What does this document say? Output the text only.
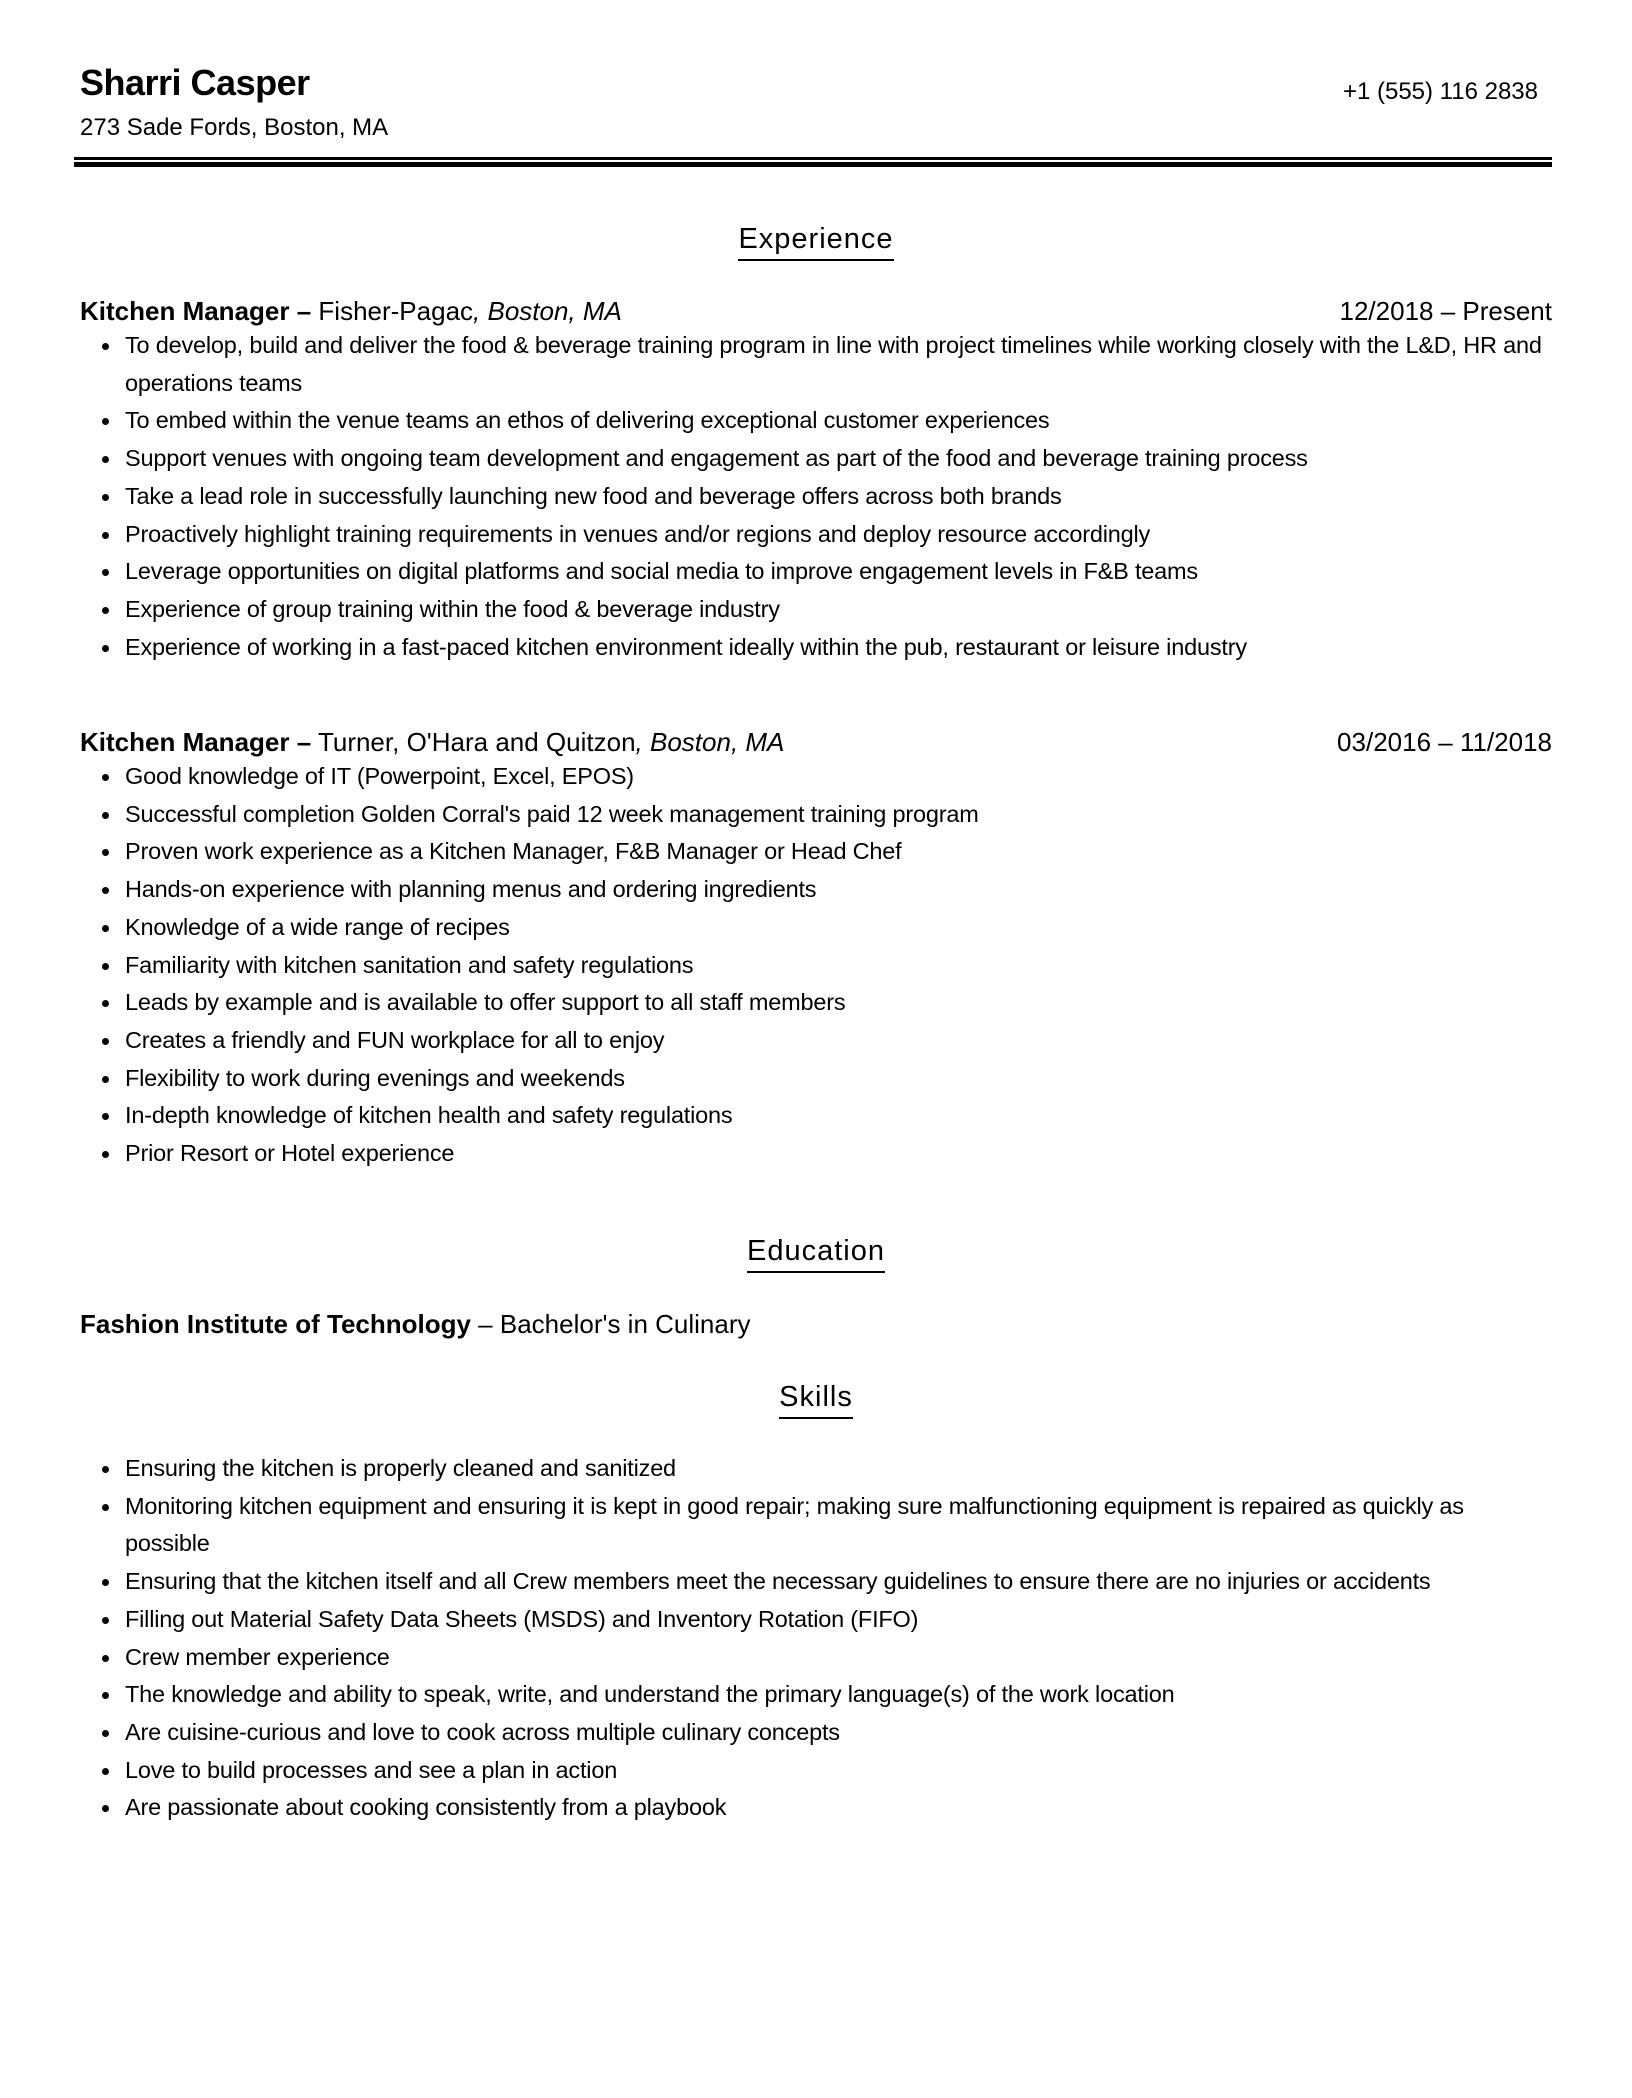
Sharri Casper	+1 (555) 116 2838
273 Sade Fords, Boston, MA
Experience
Kitchen Manager – Fisher-Pagac, Boston, MA	12/2018 – Present
To develop, build and deliver the food & beverage training program in line with project timelines while working closely with the L&D, HR and operations teams
To embed within the venue teams an ethos of delivering exceptional customer experiences
Support venues with ongoing team development and engagement as part of the food and beverage training process
Take a lead role in successfully launching new food and beverage offers across both brands
Proactively highlight training requirements in venues and/or regions and deploy resource accordingly
Leverage opportunities on digital platforms and social media to improve engagement levels in F&B teams
Experience of group training within the food & beverage industry
Experience of working in a fast-paced kitchen environment ideally within the pub, restaurant or leisure industry
Kitchen Manager – Turner, O'Hara and Quitzon, Boston, MA	03/2016 – 11/2018
Good knowledge of IT (Powerpoint, Excel, EPOS)
Successful completion Golden Corral's paid 12 week management training program
Proven work experience as a Kitchen Manager, F&B Manager or Head Chef
Hands-on experience with planning menus and ordering ingredients
Knowledge of a wide range of recipes
Familiarity with kitchen sanitation and safety regulations
Leads by example and is available to offer support to all staff members
Creates a friendly and FUN workplace for all to enjoy
Flexibility to work during evenings and weekends
In-depth knowledge of kitchen health and safety regulations
Prior Resort or Hotel experience
Education
Fashion Institute of Technology – Bachelor's in Culinary
Skills
Ensuring the kitchen is properly cleaned and sanitized
Monitoring kitchen equipment and ensuring it is kept in good repair; making sure malfunctioning equipment is repaired as quickly as possible
Ensuring that the kitchen itself and all Crew members meet the necessary guidelines to ensure there are no injuries or accidents
Filling out Material Safety Data Sheets (MSDS) and Inventory Rotation (FIFO)
Crew member experience
The knowledge and ability to speak, write, and understand the primary language(s) of the work location
Are cuisine-curious and love to cook across multiple culinary concepts
Love to build processes and see a plan in action
Are passionate about cooking consistently from a playbook
